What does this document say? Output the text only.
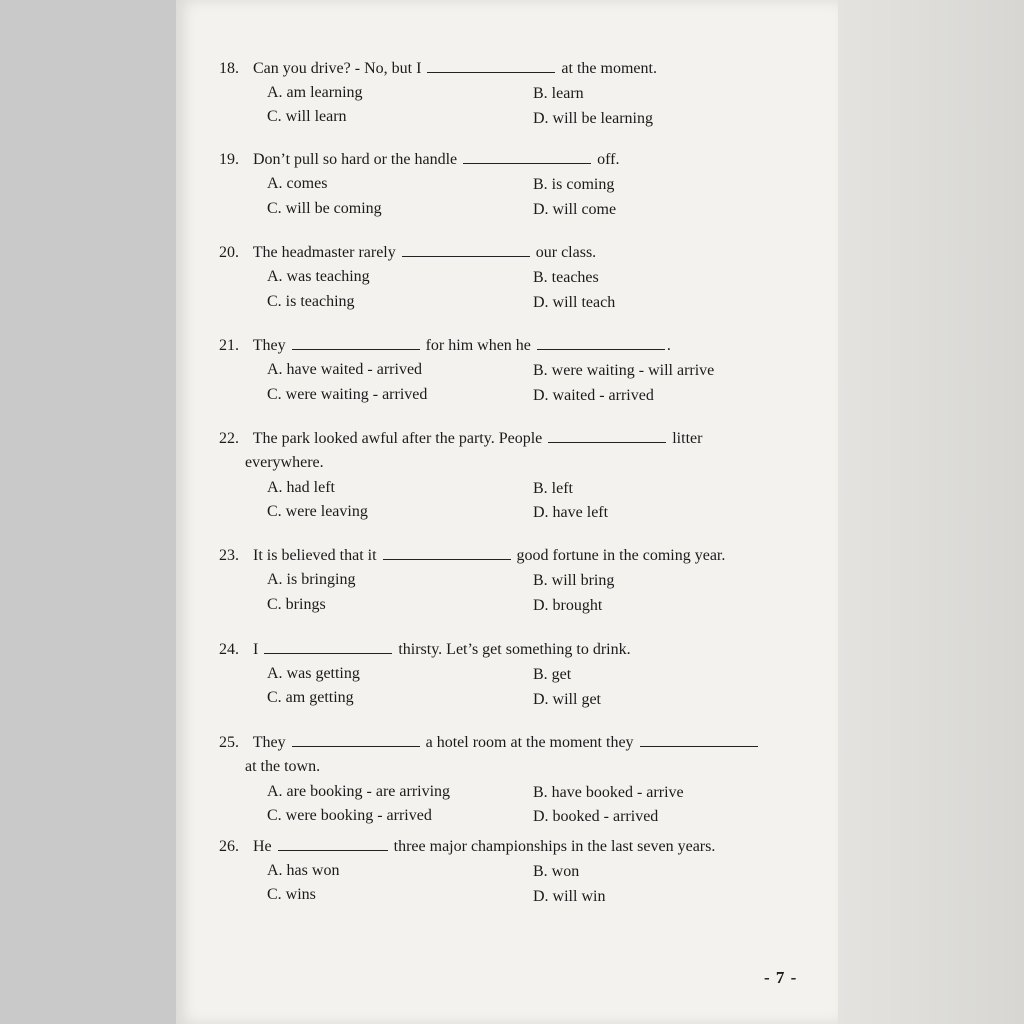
18. Can you drive? - No, but I	at the moment.
A. am learning	B. learn
C. will learn	D. will be learning
19. Don’t pull so hard or the handle	off.
A. comes	B. is coming
C. will be coming	D. will come
20. The headmaster rarely	our class.
A. was teaching	B. teaches
C. is teaching	D. will teach
21. They	for him when he	.
A. have waited - arrived	B. were waiting - will arrive
C. were waiting - arrived	D. waited - arrived
22. The park looked awful after the party. People	litter
everywhere.
A. had left	B. left
C. were leaving	D. have left
23. It is believed that it	good fortune in the coming year.
A. is bringing	B. will bring
C. brings	D. brought
24. I	thirsty. Let’s get something to drink.
A. was getting	B. get
C. am getting	D. will get
25. They	a hotel room at the moment they
at the town.
A. are booking - are arriving	B. have booked - arrive
C. were booking - arrived	D. booked - arrived
26. He	three major championships in the last seven years.
A. has won	B. won
C. wins	D. will win
- 7 -
